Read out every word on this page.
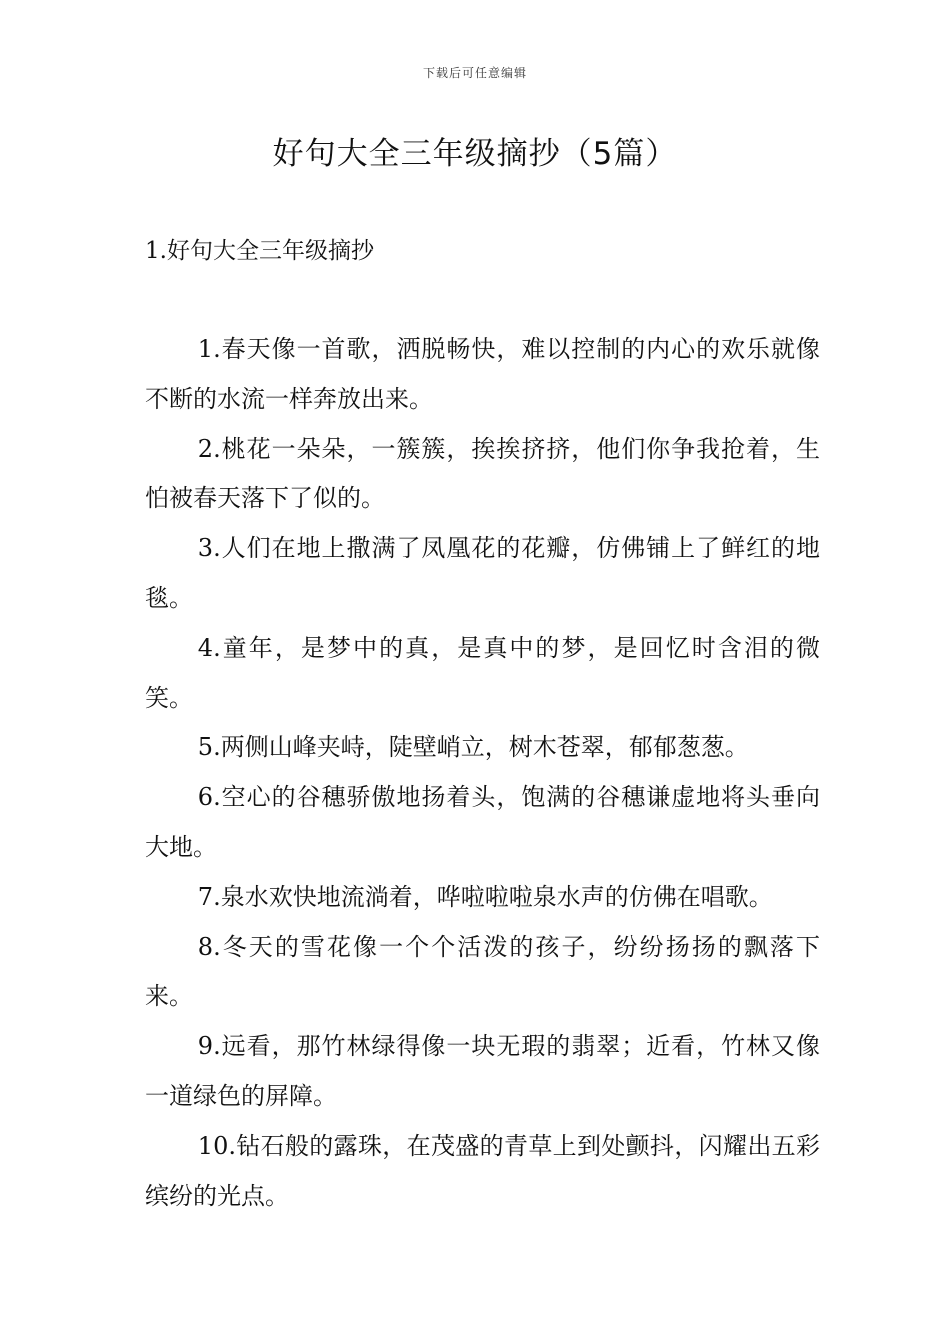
下载后可任意编辑
好句大全三年级摘抄（5篇）
1.好句大全三年级摘抄

1.春天像一首歌，洒脱畅快，难以控制的内心的欢乐就像不断的水流一样奔放出来。

2.桃花一朵朵，一簇簇，挨挨挤挤，他们你争我抢着，生怕被春天落下了似的。

3.人们在地上撒满了凤凰花的花瓣，仿佛铺上了鲜红的地毯。

4.童年，是梦中的真，是真中的梦，是回忆时含泪的微笑。

5.两侧山峰夹峙，陡壁峭立，树木苍翠，郁郁葱葱。

6.空心的谷穗骄傲地扬着头，饱满的谷穗谦虚地将头垂向大地。

7.泉水欢快地流淌着，哗啦啦啦泉水声的仿佛在唱歌。

8.冬天的雪花像一个个活泼的孩子，纷纷扬扬的飘落下来。

9.远看，那竹林绿得像一块无瑕的翡翠；近看，竹林又像一道绿色的屏障。

10.钻石般的露珠，在茂盛的青草上到处颤抖，闪耀出五彩缤纷的光点。
